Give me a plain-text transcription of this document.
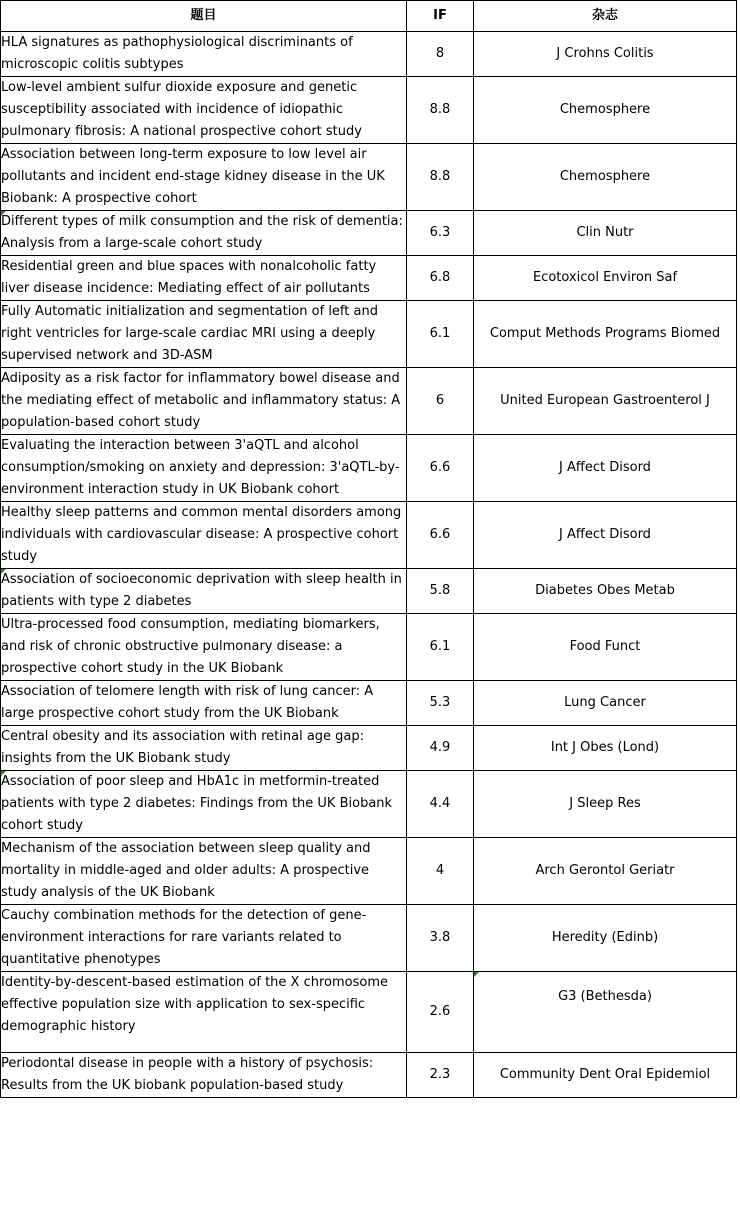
题目	IF	杂志
HLA signatures as pathophysiological discriminants of microscopic colitis subtypes	8	J Crohns Colitis
Low-level ambient sulfur dioxide exposure and genetic susceptibility associated with incidence of idiopathic pulmonary fibrosis: A national prospective cohort study	8.8	Chemosphere
Association between long-term exposure to low level air pollutants and incident end-stage kidney disease in the UK Biobank: A prospective cohort	8.8	Chemosphere
Different types of milk consumption and the risk of dementia: Analysis from a large-scale cohort study	6.3	Clin Nutr
Residential green and blue spaces with nonalcoholic fatty liver disease incidence: Mediating effect of air pollutants	6.8	Ecotoxicol Environ Saf
Fully Automatic initialization and segmentation of left and right ventricles for large-scale cardiac MRI using a deeply supervised network and 3D-ASM	6.1	Comput Methods Programs Biomed
Adiposity as a risk factor for inflammatory bowel disease and the mediating effect of metabolic and inflammatory status: A population-based cohort study	6	United European Gastroenterol J
Evaluating the interaction between 3'aQTL and alcohol consumption/smoking on anxiety and depression: 3'aQTL-by-environment interaction study in UK Biobank cohort	6.6	J Affect Disord
Healthy sleep patterns and common mental disorders among individuals with cardiovascular disease: A prospective cohort study	6.6	J Affect Disord
Association of socioeconomic deprivation with sleep health in patients with type 2 diabetes	5.8	Diabetes Obes Metab
Ultra-processed food consumption, mediating biomarkers, and risk of chronic obstructive pulmonary disease: a prospective cohort study in the UK Biobank	6.1	Food Funct
Association of telomere length with risk of lung cancer: A large prospective cohort study from the UK Biobank	5.3	Lung Cancer
Central obesity and its association with retinal age gap: insights from the UK Biobank study	4.9	Int J Obes (Lond)
Association of poor sleep and HbA1c in metformin-treated patients with type 2 diabetes: Findings from the UK Biobank cohort study	4.4	J Sleep Res
Mechanism of the association between sleep quality and mortality in middle-aged and older adults: A prospective study analysis of the UK Biobank	4	Arch Gerontol Geriatr
Cauchy combination methods for the detection of gene-environment interactions for rare variants related to quantitative phenotypes	3.8	Heredity (Edinb)
Identity-by-descent-based estimation of the X chromosome effective population size with application to sex-specific demographic history	2.6	G3 (Bethesda)
Periodontal disease in people with a history of psychosis: Results from the UK biobank population-based study	2.3	Community Dent Oral Epidemiol
